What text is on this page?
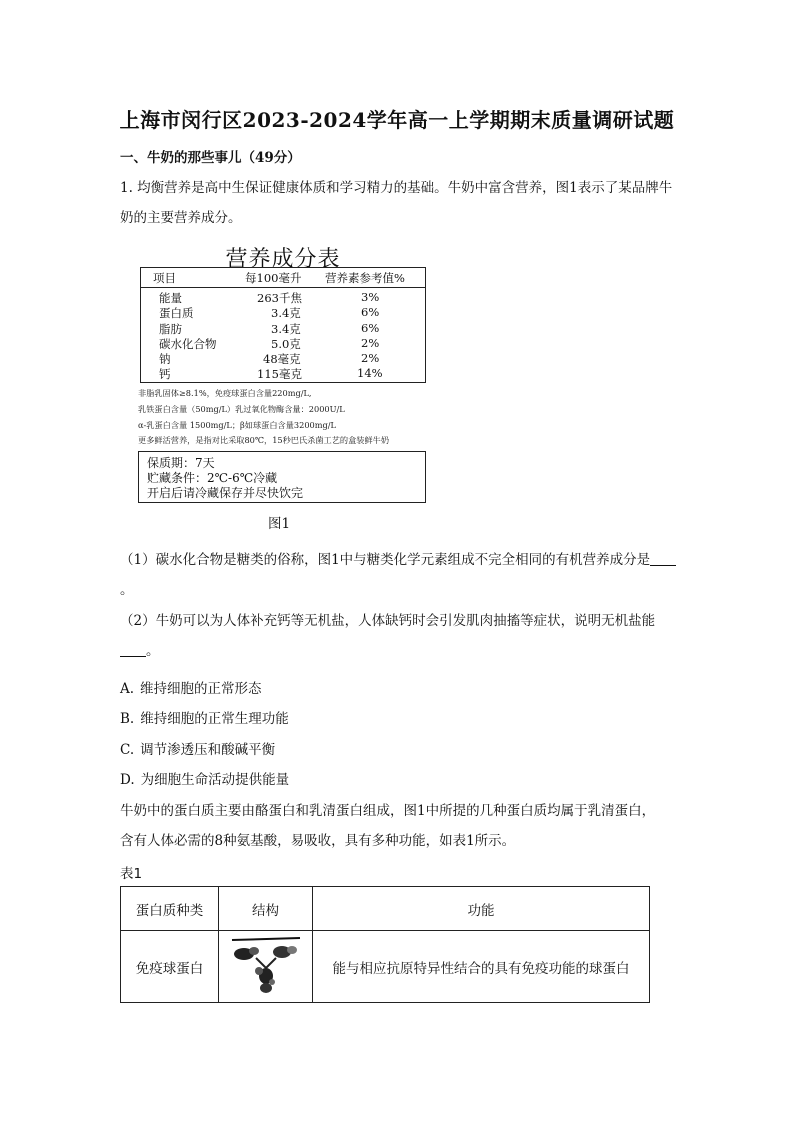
上海市闵行区2023-2024学年高一上学期期末质量调研试题
一、牛奶的那些事儿（49分）
1. 均衡营养是高中生保证健康体质和学习精力的基础。牛奶中富含营养，图1表示了某品牌牛奶的主要营养成分。
营养成分表
项目	每100毫升 营养素参考值%
能量	263千焦	3%
蛋白质	3.4克	6%
脂肪	3.4克	6%
碳水化合物	5.0克	2%
钠	48毫克	2%
钙	115毫克	14%
非脂乳固体≥8.1%，免疫球蛋白含量220mg/L,
乳铁蛋白含量（50mg/L）乳过氧化物酶含量：2000U/L
α-乳蛋白含量 1500mg/L；β如球蛋白含量3200mg/L
更多鲜活营养，是指对比采取80℃，15秒巴氏杀菌工艺的盒装鲜牛奶
保质期：7天
贮藏条件：2℃-6℃冷藏
开启后请冷藏保存并尽快饮完
图1
（1）碳水化合物是糖类的俗称，图1中与糖类化学元素组成不完全相同的有机营养成分是。
（2）牛奶可以为人体补充钙等无机盐，人体缺钙时会引发肌肉抽搐等症状，说明无机盐能。
A. 维持细胞的正常形态
B. 维持细胞的正常生理功能
C. 调节渗透压和酸碱平衡
D. 为细胞生命活动提供能量
牛奶中的蛋白质主要由酪蛋白和乳清蛋白组成，图1中所提的几种蛋白质均属于乳清蛋白，含有人体必需的8种氨基酸，易吸收，具有多种功能，如表1所示。
表1
蛋白质种类	结构	功能
免疫球蛋白		能与相应抗原特异性结合的具有免疫功能的球蛋白
